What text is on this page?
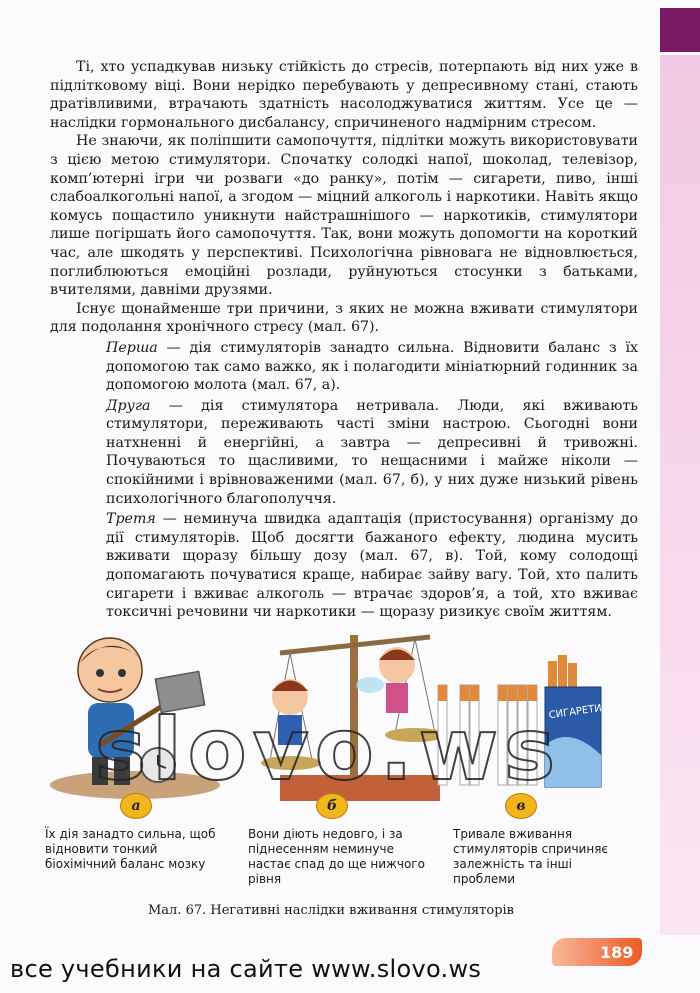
Ті, хто успадкував низьку стійкість до стресів, потерпають від них уже в підлітковому віці. Вони нерідко перебувають у депресивному стані, стають дратівливими, втрачають здатність насолоджуватися життям. Усе це — наслідки гормонального дисбалансу, спричиненого надмірним стресом.

Не знаючи, як поліпшити самопочуття, підлітки можуть використовувати з цією метою стимулятори. Спочатку солодкі напої, шоколад, телевізор, комп’ютерні ігри чи розваги «до ранку», потім — сигарети, пиво, інші слабоалкогольні напої, а згодом — міцний алкоголь і наркотики. Навіть якщо комусь пощастило уникнути найстрашнішого — наркотиків, стимулятори лише погіршать його самопочуття. Так, вони можуть допомогти на короткий час, але шкодять у перспективі. Психологічна рівновага не відновлюється, поглиблюються емоційні розлади, руйнуються стосунки з батьками, вчителями, давніми друзями.

Існує щонайменше три причини, з яких не можна вживати стимулятори для подолання хронічного стресу (мал. 67).

Перша — дія стимуляторів занадто сильна. Відновити баланс з їх допомогою так само важко, як і полагодити мініатюрний годинник за допомогою молота (мал. 67, а).

Друга — дія стимулятора нетривала. Люди, які вживають стимулятори, переживають часті зміни настрою. Сьогодні вони натхненні й енергійні, а завтра — депресивні й тривожні. Почуваються то щасливими, то нещасними і майже ніколи — спокійними і врівноваженими (мал. 67, б), у них дуже низький рівень психологічного благополуччя.

Третя — неминуча швидка адаптація (пристосування) організму до дії стимуляторів. Щоб досягти бажаного ефекту, людина мусить вживати щоразу більшу дозу (мал. 67, в). Той, кому солодощі допомагають почуватися краще, набирає зайву вагу. Той, хто палить сигарети і вживає алкоголь — втрачає здоров’я, а той, хто вживає токсичні речовини чи наркотики — щоразу ризикує своїм життям.

СИГАРЕТИ
а	б	в
slovo.ws
Їх дія занадто сильна, щоб відновити тонкий біохімічний баланс мозку
Вони діють недовго, і за піднесенням неминуче настає спад до ще нижчого рівня
Тривале вживання стимуляторів спричиняє залежність та інші проблеми
Мал. 67. Негативні наслідки вживання стимуляторів
189
все учебники на сайте www.slovo.ws
